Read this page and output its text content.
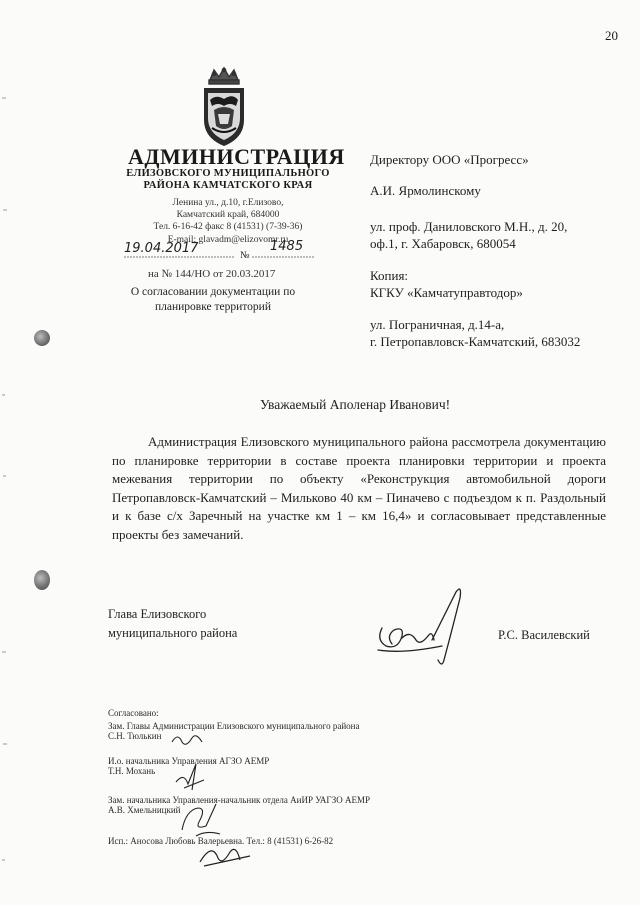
20
АДМИНИСТРАЦИЯ
ЕЛИЗОВСКОГО МУНИЦИПАЛЬНОГО
РАЙОНА КАМЧАТСКОГО КРАЯ
Ленина ул., д.10, г.Елизово,
Камчатский край, 684000
Тел. 6-16-42 факс 8 (41531) (7-39-36)
E-mail: glavadm@elizovomr.ru
19.04.2017	№
1485
на № 144/НО от 20.03.2017
О согласовании документации по
планировке территорий
Директору ООО «Прогресс»
А.И. Ярмолинскому
ул. проф. Даниловского М.Н., д. 20,
оф.1, г. Хабаровск, 680054
Копия:
КГКУ «Камчатуправтодор»
ул. Пограничная, д.14-а,
г. Петропавловск-Камчатский, 683032
Уважаемый Аполенар Иванович!
Администрация Елизовского муниципального района рассмотрела документацию по планировке территории в составе проекта планировки территории и проекта межевания территории по объекту «Реконструкция автомобильной дороги Петропавловск-Камчатский – Мильково 40 км – Пиначево с подъездом к п. Раздольный и к базе с/х Заречный на участке км 1 – км 16,4» и согласовывает представленные проекты без замечаний.
Глава Елизовского
муниципального района	Р.С. Василевский
Согласовано:
Зам. Главы Администрации Елизовского муниципального района
С.Н. Тюлькин
И.о. начальника Управления АГЗО АЕМР
Т.Н. Мохань
Зам. начальника Управления-начальник отдела АиИР УАГЗО АЕМР
А.В. Хмельницкий
Исп.: Аносова Любовь Валерьевна. Тел.: 8 (41531) 6-26-82
